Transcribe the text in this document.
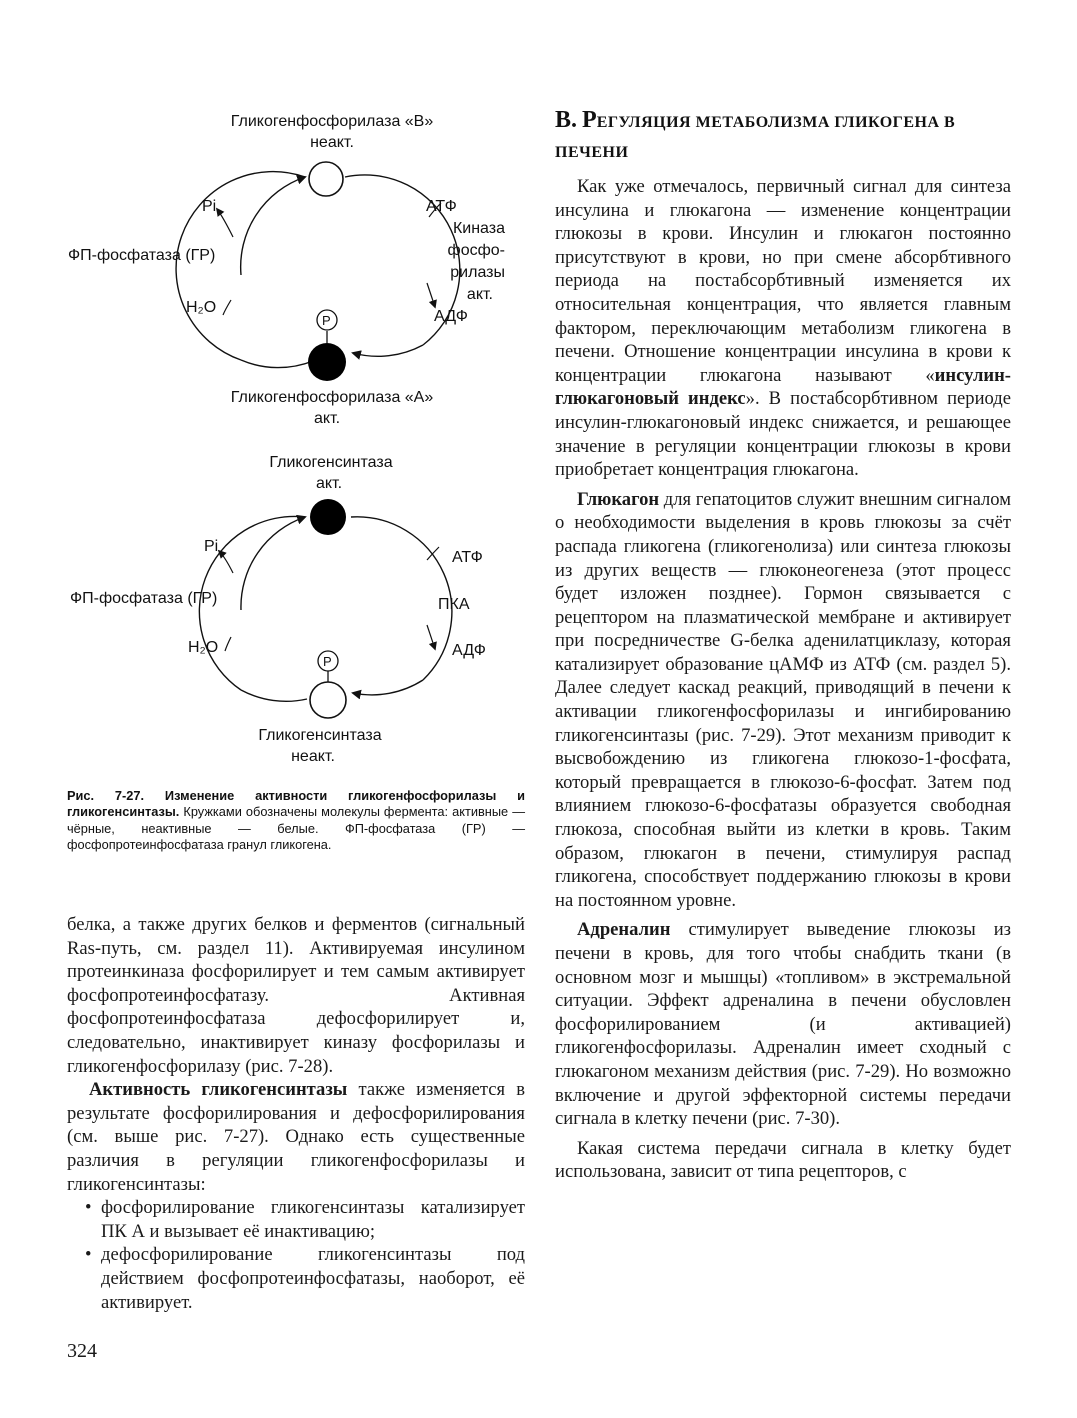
Гликогенфосфорилаза «В»
неакт.
Pi
ФП-фосфатаза (ГР)
H₂O
АТФ
Киназа
фосфо-
рилазы
акт.
АДФ
P
Гликогенфосфорилаза «А»
акт.
Гликогенсинтаза
акт.
Pi
ФП-фосфатаза (ГР)
H₂O
АТФ
ПКА
АДФ
P
Гликогенсинтаза
неакт.
Рис. 7-27. Изменение активности гликогенфосфорилазы и гликогенсинтазы. Кружками обозначены молекулы фермента: активные — чёрные, неактивные — белые. ФП-фосфатаза (ГР) — фосфопротеинфосфатаза гранул гликогена.

белка, а также других белков и ферментов (сигнальный Ras-путь, см. раздел 11). Активируемая инсулином протеинкиназа фосфорилирует и тем самым активирует фосфопротеинфосфатазу. Активная фосфопротеинфосфатаза дефосфорилирует и, следовательно, инактивирует киназу фосфорилазы и гликогенфосфорилазу (рис. 7-28).

Активность гликогенсинтазы также изменяется в результате фосфорилирования и дефосфорилирования (см. выше рис. 7-27). Однако есть существенные различия в регуляции гликогенфосфорилазы и гликогенсинтазы:

• фосфорилирование гликогенсинтазы катализирует ПК А и вызывает её инактивацию;
• дефосфорилирование гликогенсинтазы под действием фосфопротеинфосфатазы, наоборот, её активирует.
В. РЕГУЛЯЦИЯ МЕТАБОЛИЗМА ГЛИКОГЕНА В ПЕЧЕНИ

Как уже отмечалось, первичный сигнал для синтеза инсулина и глюкагона — изменение концентрации глюкозы в крови. Инсулин и глюкагон постоянно присутствуют в крови, но при смене абсорбтивного периода на постабсорбтивный изменяется их относительная концентрация, что является главным фактором, переключающим метаболизм гликогена в печени. Отношение концентрации инсулина в крови к концентрации глюкагона называют «инсулин-глюкагоновый индекс». В постабсорбтивном периоде инсулин-глюкагоновый индекс снижается, и решающее значение в регуляции концентрации глюкозы в крови приобретает концентрация глюкагона.

Глюкагон для гепатоцитов служит внешним сигналом о необходимости выделения в кровь глюкозы за счёт распада гликогена (гликогенолиза) или синтеза глюкозы из других веществ — глюконеогенеза (этот процесс будет изложен позднее). Гормон связывается с рецептором на плазматической мембране и активирует при посредничестве G-белка аденилатциклазу, которая катализирует образование цАМФ из АТФ (см. раздел 5). Далее следует каскад реакций, приводящий в печени к активации гликогенфосфорилазы и ингибированию гликогенсинтазы (рис. 7-29). Этот механизм приводит к высвобождению из гликогена глюкозо-1-фосфата, который превращается в глюкозо-6-фосфат. Затем под влиянием глюкозо-6-фосфатазы образуется свободная глюкоза, способная выйти из клетки в кровь. Таким образом, глюкагон в печени, стимулируя распад гликогена, способствует поддержанию глюкозы в крови на постоянном уровне.

Адреналин стимулирует выведение глюкозы из печени в кровь, для того чтобы снабдить ткани (в основном мозг и мышцы) «топливом» в экстремальной ситуации. Эффект адреналина в печени обусловлен фосфорилированием (и активацией) гликогенфосфорилазы. Адреналин имеет сходный с глюкагоном механизм действия (рис. 7-29). Но возможно включение и другой эффекторной системы передачи сигнала в клетку печени (рис. 7-30).

Какая система передачи сигнала в клетку будет использована, зависит от типа рецепторов, с

324
